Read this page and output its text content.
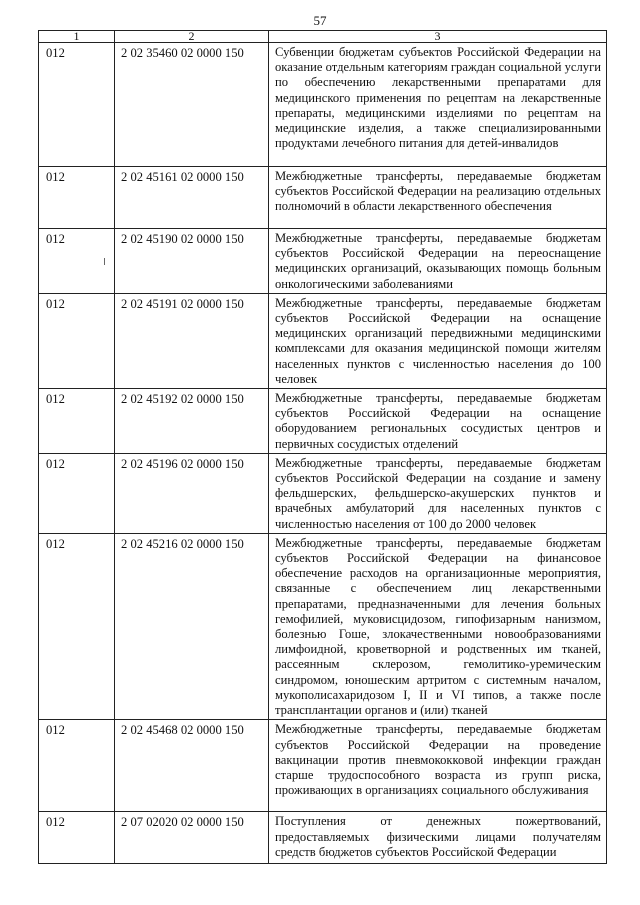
57
1	2	3
012	2 02 35460 02 0000 150	Субвенции бюджетам субъектов Российской Федерации на оказание отдельным категориям граждан социальной услуги по обеспечению лекарственными препаратами для медицинского применения по рецептам на лекарственные препараты, медицинскими изделиями по рецептам на медицинские изделия, а также специализированными продуктами лечебного питания для детей-инвалидов
012	2 02 45161 02 0000 150	Межбюджетные трансферты, передаваемые бюджетам субъектов Российской Федерации на реализацию отдельных полномочий в области лекарственного обеспечения
012	2 02 45190 02 0000 150	Межбюджетные трансферты, передаваемые бюджетам субъектов Российской Федерации на переоснащение медицинских организаций, оказывающих помощь больным онкологическими заболеваниями
012	2 02 45191 02 0000 150	Межбюджетные трансферты, передаваемые бюджетам субъектов Российской Федерации на оснащение медицинских организаций передвижными медицинскими комплексами для оказания медицинской помощи жителям населенных пунктов с численностью населения до 100 человек
012	2 02 45192 02 0000 150	Межбюджетные трансферты, передаваемые бюджетам субъектов Российской Федерации на оснащение оборудованием региональных сосудистых центров и первичных сосудистых отделений
012	2 02 45196 02 0000 150	Межбюджетные трансферты, передаваемые бюджетам субъектов Российской Федерации на создание и замену фельдшерских, фельдшерско-акушерских пунктов и врачебных амбулаторий для населенных пунктов с численностью населения от 100 до 2000 человек
012	2 02 45216 02 0000 150	Межбюджетные трансферты, передаваемые бюджетам субъектов Российской Федерации на финансовое обеспечение расходов на организационные мероприятия, связанные с обеспечением лиц лекарственными препаратами, предназначенными для лечения больных гемофилией, муковисцидозом, гипофизарным нанизмом, болезнью Гоше, злокачественными новообразованиями лимфоидной, кроветворной и родственных им тканей, рассеянным склерозом, гемолитико-уремическим синдромом, юношеским артритом с системным началом, мукополисахаридозом I, II и VI типов, а также после трансплантации органов и (или) тканей
012	2 02 45468 02 0000 150	Межбюджетные трансферты, передаваемые бюджетам субъектов Российской Федерации на проведение вакцинации против пневмококковой инфекции граждан старше трудоспособного возраста из групп риска, проживающих в организациях социального обслуживания
012	2 07 02020 02 0000 150	Поступления от денежных пожертвований, предоставляемых физическими лицами получателям средств бюджетов субъектов Российской Федерации
